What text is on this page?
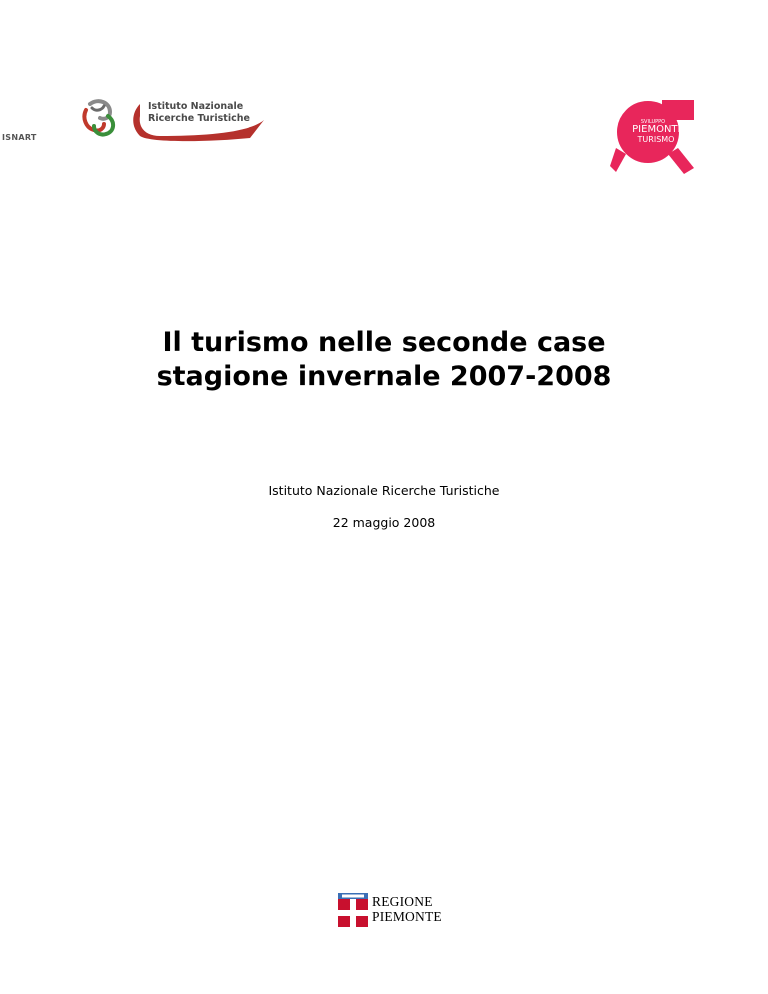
ISNART
Istituto Nazionale
Ricerche Turistiche	SVILUPPO
PIEMONTE
TURISMO
Il turismo nelle seconde case
stagione invernale 2007-2008
Istituto Nazionale Ricerche Turistiche
22 maggio 2008
REGIONE
PIEMONTE
